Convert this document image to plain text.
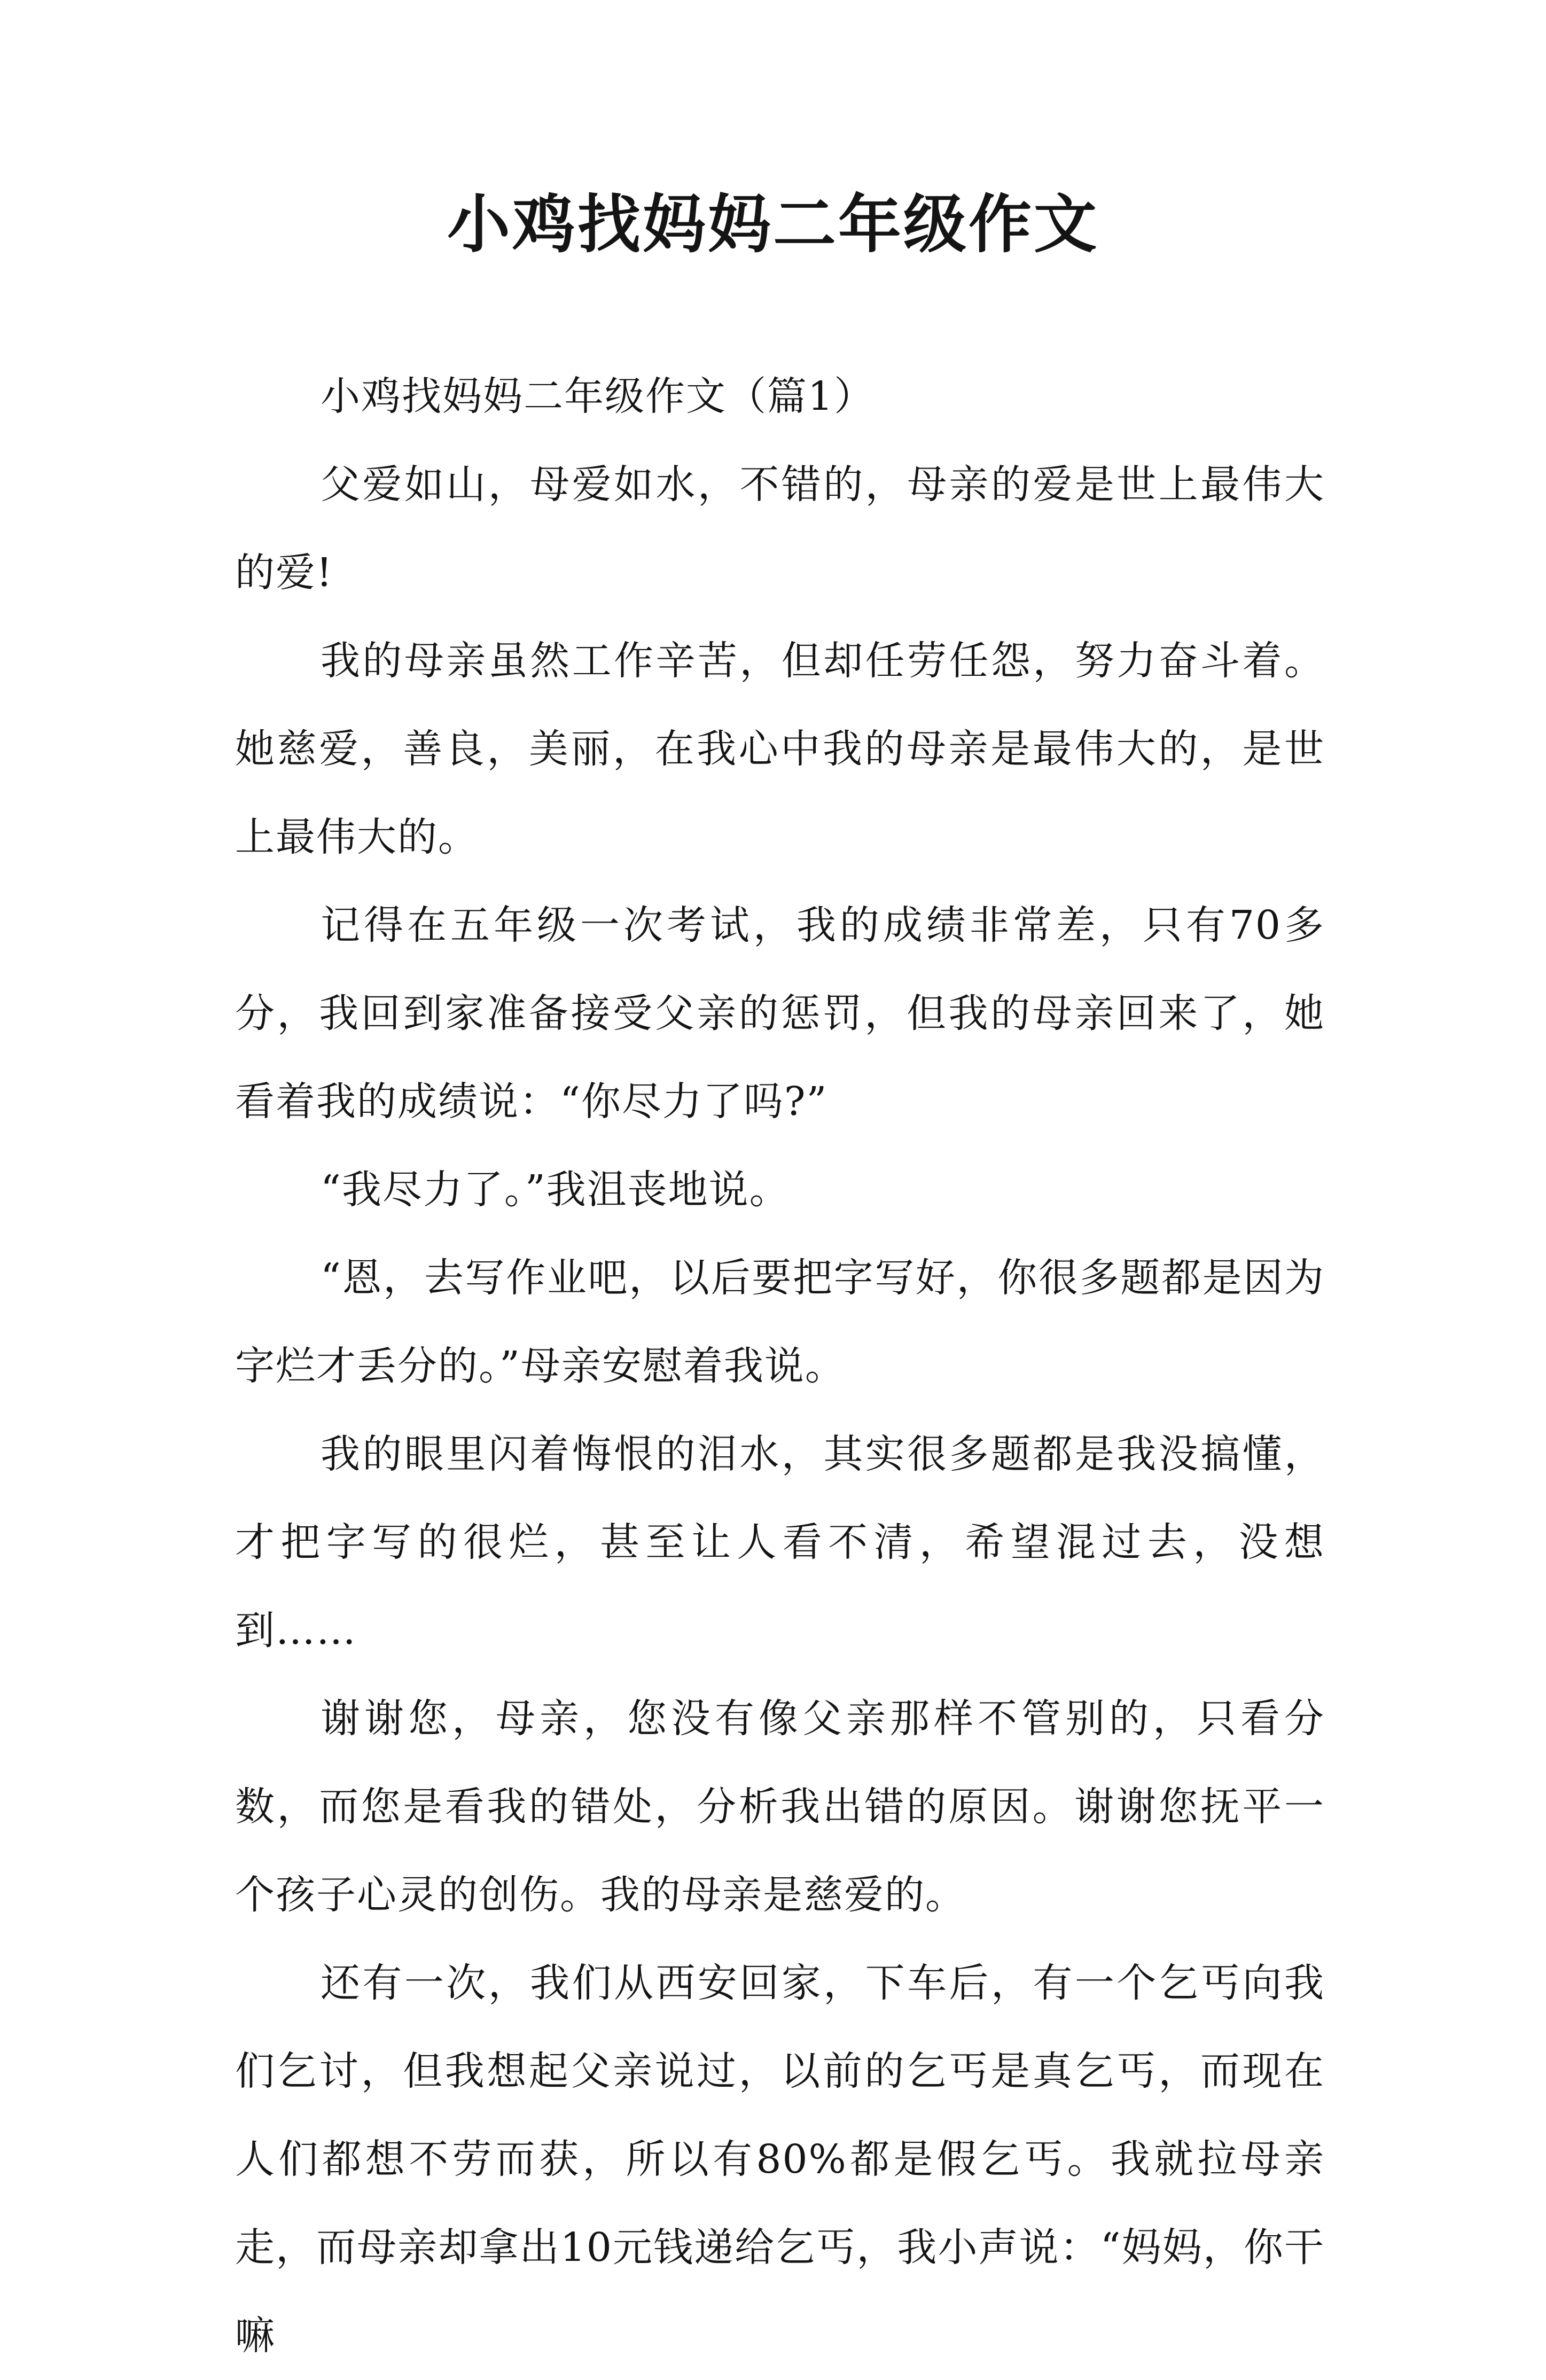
小鸡找妈妈二年级作文

小鸡找妈妈二年级作文（篇1）

父爱如山，母爱如水，不错的，母亲的爱是世上最伟大的爱!

我的母亲虽然工作辛苦，但却任劳任怨，努力奋斗着。她慈爱，善良，美丽，在我心中我的母亲是最伟大的，是世上最伟大的。

记得在五年级一次考试，我的成绩非常差，只有70多分，我回到家准备接受父亲的惩罚，但我的母亲回来了，她看着我的成绩说：“你尽力了吗?”

“我尽力了。”我沮丧地说。

“恩，去写作业吧，以后要把字写好，你很多题都是因为字烂才丢分的。”母亲安慰着我说。

我的眼里闪着悔恨的泪水，其实很多题都是我没搞懂，才把字写的很烂，甚至让人看不清，希望混过去，没想到……

谢谢您，母亲，您没有像父亲那样不管别的，只看分数，而您是看我的错处，分析我出错的原因。谢谢您抚平一个孩子心灵的创伤。我的母亲是慈爱的。

还有一次，我们从西安回家，下车后，有一个乞丐向我们乞讨，但我想起父亲说过，以前的乞丐是真乞丐，而现在人们都想不劳而获，所以有80%都是假乞丐。我就拉母亲走，而母亲却拿出10元钱递给乞丐，我小声说：“妈妈，你干嘛
